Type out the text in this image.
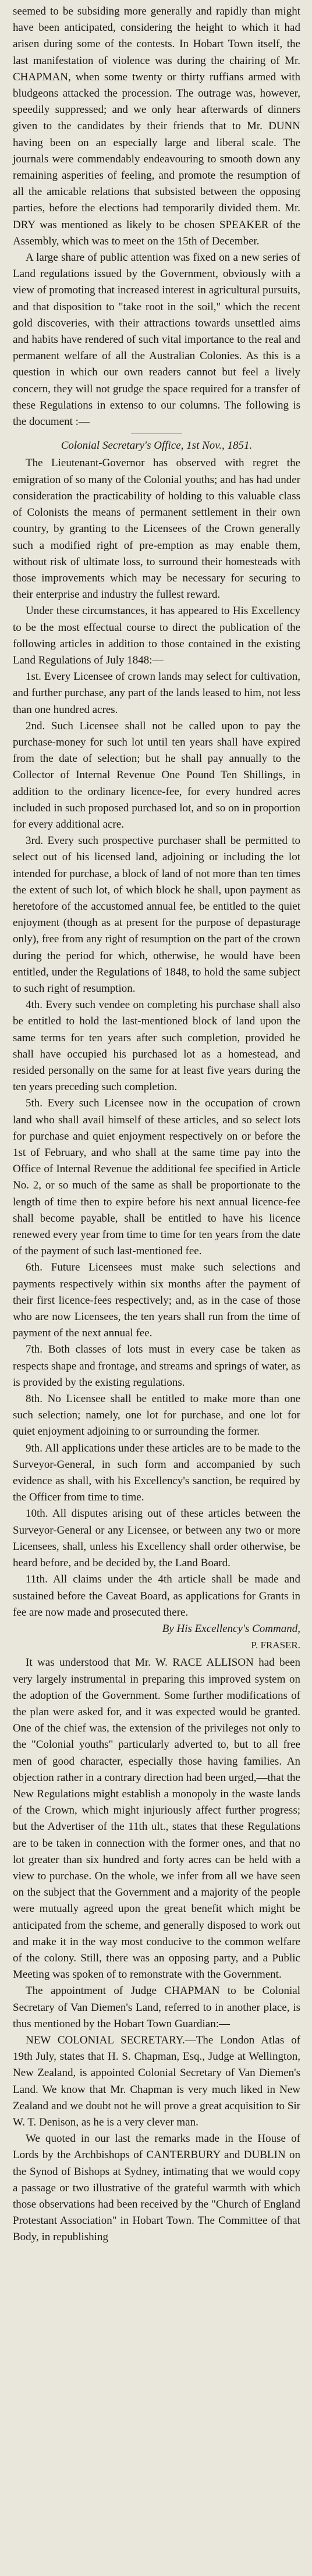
seemed to be subsiding more generally and rapidly than might have been anticipated, considering the height to which it had arisen during some of the contests. In Hobart Town itself, the last manifestation of violence was during the chairing of Mr. CHAPMAN, when some twenty or thirty ruffians armed with bludgeons attacked the procession. The outrage was, however, speedily suppressed; and we only hear afterwards of dinners given to the candidates by their friends that to Mr. DUNN having been on an especially large and liberal scale. The journals were commendably endeavouring to smooth down any remaining asperities of feeling, and promote the resumption of all the amicable relations that subsisted between the opposing parties, before the elections had temporarily divided them. Mr. DRY was mentioned as likely to be chosen SPEAKER of the Assembly, which was to meet on the 15th of December.

A large share of public attention was fixed on a new series of Land regulations issued by the Government, obviously with a view of promoting that increased interest in agricultural pursuits, and that disposition to "take root in the soil," which the recent gold discoveries, with their attractions towards unsettled aims and habits have rendered of such vital importance to the real and permanent welfare of all the Australian Colonies. As this is a question in which our own readers cannot but feel a lively concern, they will not grudge the space required for a transfer of these Regulations in extenso to our columns. The following is the document :—

Colonial Secretary's Office, 1st Nov., 1851.

The Lieutenant-Governor has observed with regret the emigration of so many of the Colonial youths; and has had under consideration the practicability of holding to this valuable class of Colonists the means of permanent settlement in their own country, by granting to the Licensees of the Crown generally such a modified right of pre-emption as may enable them, without risk of ultimate loss, to surround their homesteads with those improvements which may be necessary for securing to their enterprise and industry the fullest reward.

Under these circumstances, it has appeared to His Excellency to be the most effectual course to direct the publication of the following articles in addition to those contained in the existing Land Regulations of July 1848:—

1st. Every Licensee of crown lands may select for cultivation, and further purchase, any part of the lands leased to him, not less than one hundred acres.

2nd. Such Licensee shall not be called upon to pay the purchase-money for such lot until ten years shall have expired from the date of selection; but he shall pay annually to the Collector of Internal Revenue One Pound Ten Shillings, in addition to the ordinary licence-fee, for every hundred acres included in such proposed purchased lot, and so on in proportion for every additional acre.

3rd. Every such prospective purchaser shall be permitted to select out of his licensed land, adjoining or including the lot intended for purchase, a block of land of not more than ten times the extent of such lot, of which block he shall, upon payment as heretofore of the accustomed annual fee, be entitled to the quiet enjoyment (though as at present for the purpose of depasturage only), free from any right of resumption on the part of the crown during the period for which, otherwise, he would have been entitled, under the Regulations of 1848, to hold the same subject to such right of resumption.

4th. Every such vendee on completing his purchase shall also be entitled to hold the last-mentioned block of land upon the same terms for ten years after such completion, provided he shall have occupied his purchased lot as a homestead, and resided personally on the same for at least five years during the ten years preceding such completion.

5th. Every such Licensee now in the occupation of crown land who shall avail himself of these articles, and so select lots for purchase and quiet enjoyment respectively on or before the 1st of February, and who shall at the same time pay into the Office of Internal Revenue the additional fee specified in Article No. 2, or so much of the same as shall be proportionate to the length of time then to expire before his next annual licence-fee shall become payable, shall be entitled to have his licence renewed every year from time to time for ten years from the date of the payment of such last-mentioned fee.

6th. Future Licensees must make such selections and payments respectively within six months after the payment of their first licence-fees respectively; and, as in the case of those who are now Licensees, the ten years shall run from the time of payment of the next annual fee.

7th. Both classes of lots must in every case be taken as respects shape and frontage, and streams and springs of water, as is provided by the existing regulations.

8th. No Licensee shall be entitled to make more than one such selection; namely, one lot for purchase, and one lot for quiet enjoyment adjoining to or surrounding the former.

9th. All applications under these articles are to be made to the Surveyor-General, in such form and accompanied by such evidence as shall, with his Excellency's sanction, be required by the Officer from time to time.

10th. All disputes arising out of these articles between the Surveyor-General or any Licensee, or between any two or more Licensees, shall, unless his Excellency shall order otherwise, be heard before, and be decided by, the Land Board.

11th. All claims under the 4th article shall be made and sustained before the Caveat Board, as applications for Grants in fee are now made and prosecuted there.

By His Excellency's Command,

P. FRASER.

It was understood that Mr. W. RACE ALLISON had been very largely instrumental in preparing this improved system on the adoption of the Government. Some further modifications of the plan were asked for, and it was expected would be granted. One of the chief was, the extension of the privileges not only to the "Colonial youths" particularly adverted to, but to all free men of good character, especially those having families. An objection rather in a contrary direction had been urged,—that the New Regulations might establish a monopoly in the waste lands of the Crown, which might injuriously affect further progress; but the Advertiser of the 11th ult., states that these Regulations are to be taken in connection with the former ones, and that no lot greater than six hundred and forty acres can be held with a view to purchase. On the whole, we infer from all we have seen on the subject that the Government and a majority of the people were mutually agreed upon the great benefit which might be anticipated from the scheme, and generally disposed to work out and make it in the way most conducive to the common welfare of the colony. Still, there was an opposing party, and a Public Meeting was spoken of to remonstrate with the Government.

The appointment of Judge CHAPMAN to be Colonial Secretary of Van Diemen's Land, referred to in another place, is thus mentioned by the Hobart Town Guardian:—

NEW COLONIAL SECRETARY.—The London Atlas of 19th July, states that H. S. Chapman, Esq., Judge at Wellington, New Zealand, is appointed Colonial Secretary of Van Diemen's Land. We know that Mr. Chapman is very much liked in New Zealand and we doubt not he will prove a great acquisition to Sir W. T. Denison, as he is a very clever man.

We quoted in our last the remarks made in the House of Lords by the Archbishops of CANTERBURY and DUBLIN on the Synod of Bishops at Sydney, intimating that we would copy a passage or two illustrative of the grateful warmth with which those observations had been received by the "Church of England Protestant Association" in Hobart Town. The Committee of that Body, in republishing
